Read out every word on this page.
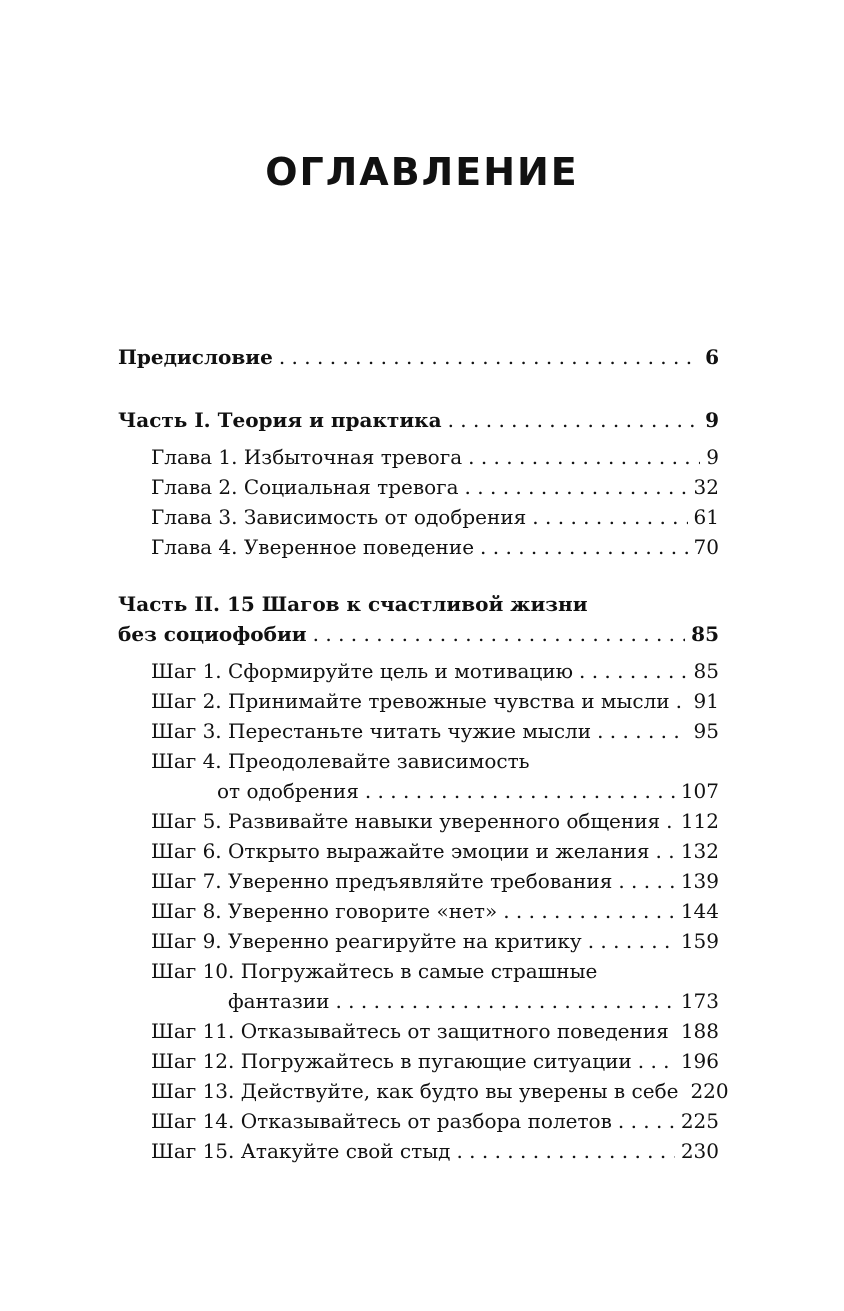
ОГЛАВЛЕНИЕ
Предисловие . . .	6
Часть I. Теория и практика . . .	9
Глава 1. Избыточная тревога . . .	9
Глава 2. Социальная тревога . . .	32
Глава 3. Зависимость от одобрения . . .	61
Глава 4. Уверенное поведение . . .	70
Часть II. 15 Шагов к счастливой жизни
без социофобии . . .	85
Шаг 1. Сформируйте цель и мотивацию . . .	85
Шаг 2. Принимайте тревожные чувства и мысли . . . 91
Шаг 3. Перестаньте читать чужие мысли . . .	95
Шаг 4. Преодолевайте зависимость
от одобрения . . .	107
Шаг 5. Развивайте навыки уверенного общения . . . 112
Шаг 6. Открыто выражайте эмоции и желания . . . 132
Шаг 7. Уверенно предъявляйте требования . . .	139
Шаг 8. Уверенно говорите «нет» . . .	144
Шаг 9. Уверенно реагируйте на критику . . .	159
Шаг 10. Погружайтесь в самые страшные
фантазии . . .	173
Шаг 11. Отказывайтесь от защитного поведения . . . 188
Шаг 12. Погружайтесь в пугающие ситуации . . . 196
Шаг 13. Действуйте, как будто вы уверены в себе 220
Шаг 14. Отказывайтесь от разбора полетов . . .	225
Шаг 15. Атакуйте свой стыд . . .	230
